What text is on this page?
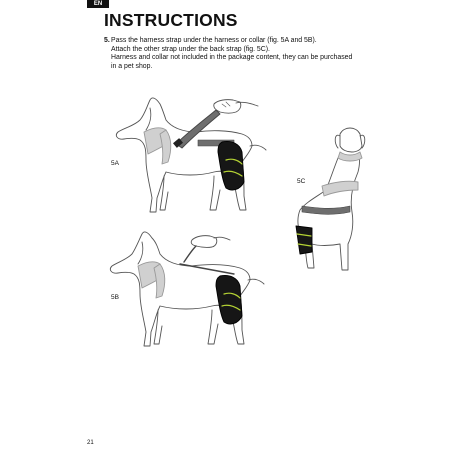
EN
INSTRUCTIONS
5. Pass the harness strap under the harness or collar (fig. 5A and 5B).
Attach the other strap under the back strap (fig. 5C).
Harness and collar not included in the package content, they can be purchased
in a pet shop.
5A
5B
5C
21
